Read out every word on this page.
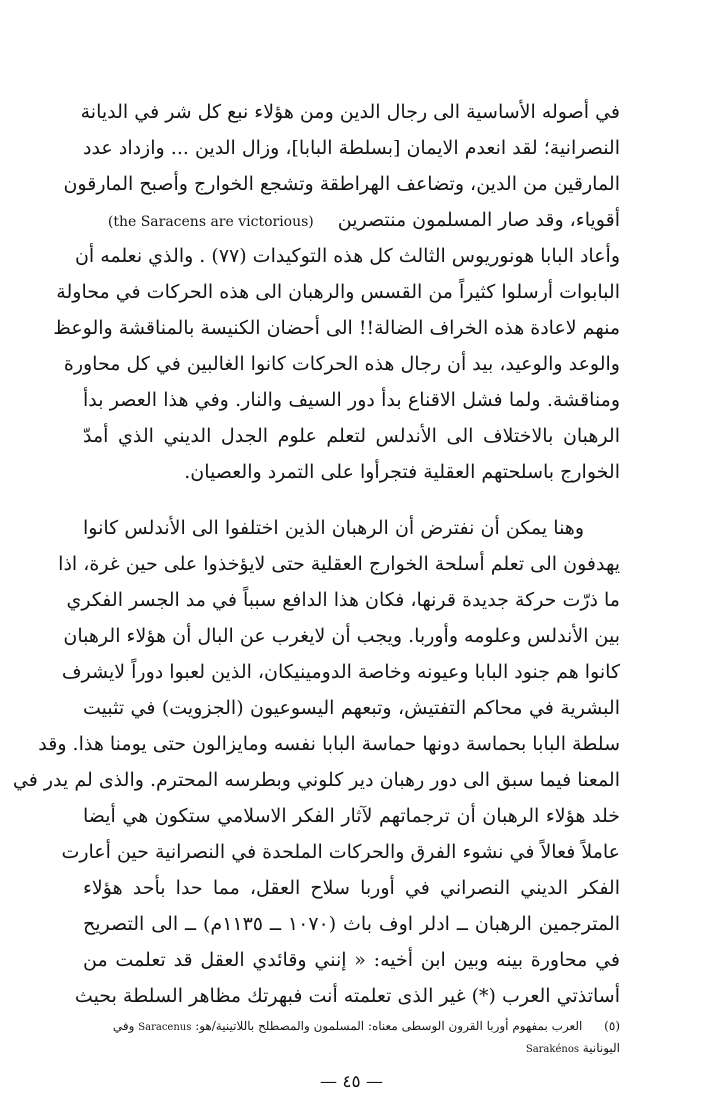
في أصوله الأساسية الى رجال الدين ومن هؤلاء نبع كل شر في الديانة
النصرانية؛ لقد انعدم الايمان [بسلطة البابا]، وزال الدين ... وازداد عدد
المارقين من الدين، وتضاعف الهراطقة وتشجع الخوارج وأصبح المارقون
أقوياء، وقد صار المسلمون منتصرين(the Saracens are victorious)
وأعاد البابا هونوريوس الثالث كل هذه التوكيدات (٧٧) . والذي نعلمه أن
البابوات أرسلوا كثيراً من القسس والرهبان الى هذه الحركات في محاولة
منهم لاعادة هذه الخراف الضالة!! الى أحضان الكنيسة بالمناقشة والوعظ
والوعد والوعيد، بيد أن رجال هذه الحركات كانوا الغالبين في كل محاورة
ومناقشة. ولما فشل الاقناع بدأ دور السيف والنار. وفي هذا العصر بدأ
الرهبان بالاختلاف الى الأندلس لتعلم علوم الجدل الديني الذي أمدّ
الخوارج باسلحتهم العقلية فتجرأوا على التمرد والعصيان.
وهنا يمكن أن نفترض أن الرهبان الذين اختلفوا الى الأندلس كانوا
يهدفون الى تعلم أسلحة الخوارج العقلية حتى لايؤخذوا على حين غرة، اذا
ما ذرّت حركة جديدة قرنها، فكان هذا الدافع سبباً في مد الجسر الفكري
بين الأندلس وعلومه وأوربا. ويجب أن لايغرب عن البال أن هؤلاء الرهبان
كانوا هم جنود البابا وعيونه وخاصة الدومينيكان، الذين لعبوا دوراً لايشرف
البشرية في محاكم التفتيش، وتبعهم اليسوعيون (الجزويت) في تثبيت
سلطة البابا بحماسة دونها حماسة البابا نفسه ومايزالون حتى يومنا هذا. وقد
المعنا فيما سبق الى دور رهبان دير كلوني وبطرسه المحترم. والذى لم يدر في
خلد هؤلاء الرهبان أن ترجماتهم لآثار الفكر الاسلامي ستكون هي أيضا
عاملاً فعالاً في نشوء الفرق والحركات الملحدة في النصرانية حين أعارت
الفكر الديني النصراني في أوربا سلاح العقل، مما حدا بأحد هؤلاء
المترجمين الرهبان ــ ادلر اوف باث (١٠٧٠ ــ ١١٣٥م) ــ الى التصريح
في محاورة بينه وبين ابن أخيه: « إنني وقائدي العقل قد تعلمت من
أساتذتي العرب (*) غير الذى تعلمته أنت فبهرتك مظاهر السلطة بحيث
(٥) العرب بمفهوم أوربا القرون الوسطى معناه: المسلمون والمصطلح باللاتينية/هو: Saracenus وفي
اليونانية Sarakénos
— ٤٥ —
